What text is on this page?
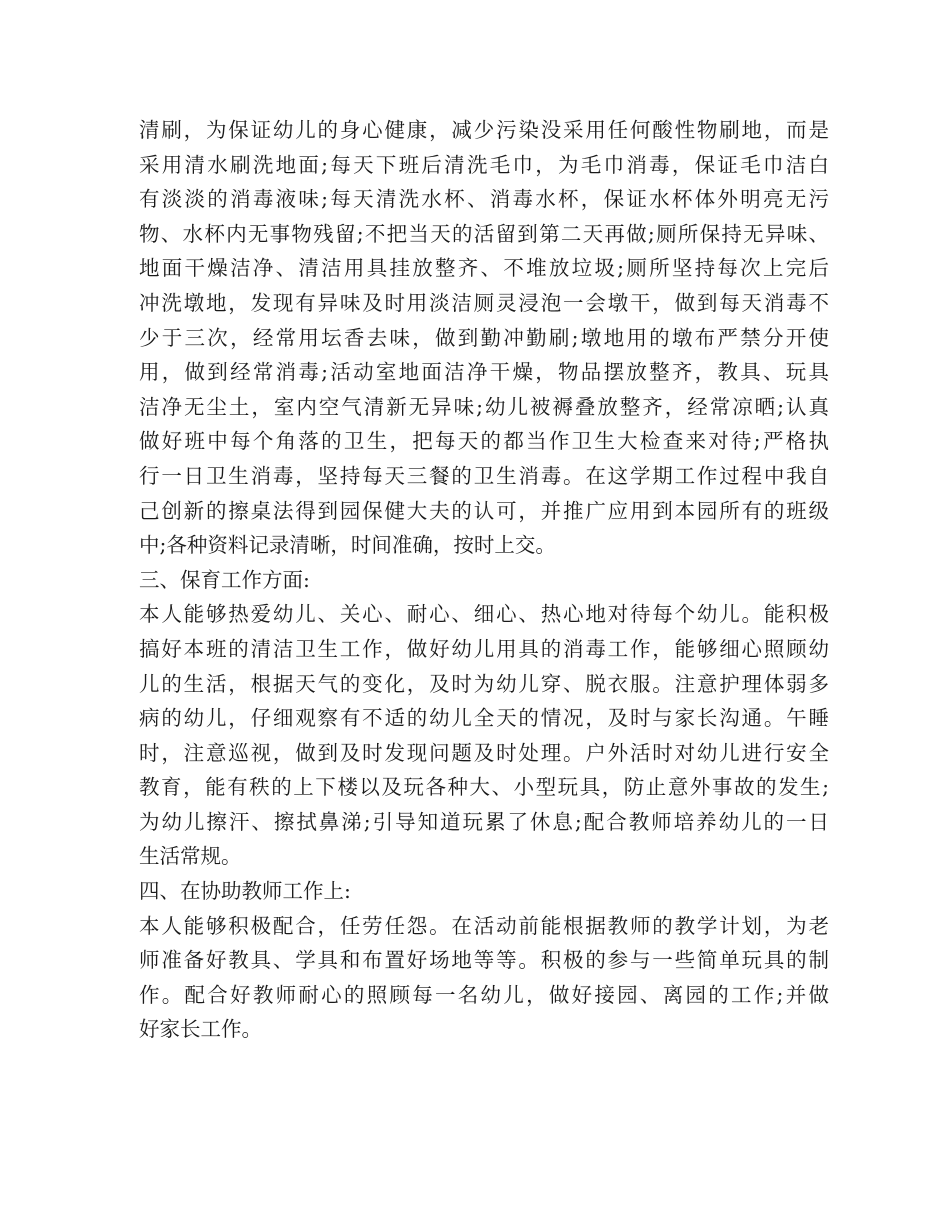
清刷，为保证幼儿的身心健康，减少污染没采用任何酸性物刷地，而是
采用清水刷洗地面;每天下班后清洗毛巾，为毛巾消毒，保证毛巾洁白
有淡淡的消毒液味;每天清洗水杯、消毒水杯，保证水杯体外明亮无污
物、水杯内无事物残留;不把当天的活留到第二天再做;厕所保持无异味、
地面干燥洁净、清洁用具挂放整齐、不堆放垃圾;厕所坚持每次上完后
冲洗墩地，发现有异味及时用淡洁厕灵浸泡一会墩干，做到每天消毒不
少于三次，经常用坛香去味，做到勤冲勤刷;墩地用的墩布严禁分开使
用，做到经常消毒;活动室地面洁净干燥，物品摆放整齐，教具、玩具
洁净无尘土，室内空气清新无异味;幼儿被褥叠放整齐，经常凉晒;认真
做好班中每个角落的卫生，把每天的都当作卫生大检查来对待;严格执
行一日卫生消毒，坚持每天三餐的卫生消毒。在这学期工作过程中我自
己创新的擦桌法得到园保健大夫的认可，并推广应用到本园所有的班级
中;各种资料记录清晰，时间准确，按时上交。
三、保育工作方面:
本人能够热爱幼儿、关心、耐心、细心、热心地对待每个幼儿。能积极
搞好本班的清洁卫生工作，做好幼儿用具的消毒工作，能够细心照顾幼
儿的生活，根据天气的变化，及时为幼儿穿、脱衣服。注意护理体弱多
病的幼儿，仔细观察有不适的幼儿全天的情况，及时与家长沟通。午睡
时，注意巡视，做到及时发现问题及时处理。户外活时对幼儿进行安全
教育，能有秩的上下楼以及玩各种大、小型玩具，防止意外事故的发生;
为幼儿擦汗、擦拭鼻涕;引导知道玩累了休息;配合教师培养幼儿的一日
生活常规。
四、在协助教师工作上:
本人能够积极配合，任劳任怨。在活动前能根据教师的教学计划，为老
师准备好教具、学具和布置好场地等等。积极的参与一些简单玩具的制
作。配合好教师耐心的照顾每一名幼儿，做好接园、离园的工作;并做
好家长工作。
